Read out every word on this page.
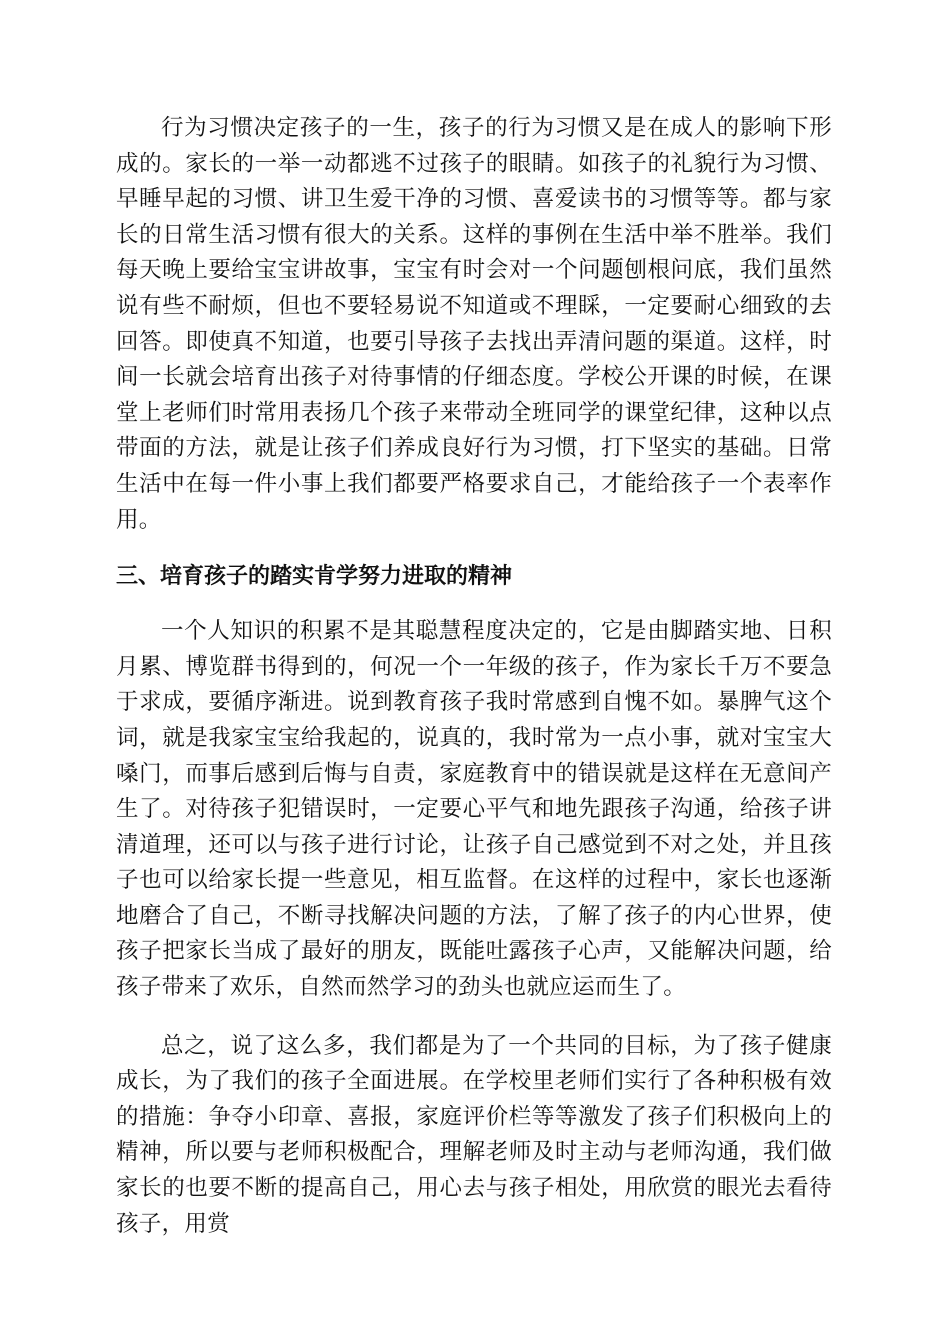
行为习惯决定孩子的一生，孩子的行为习惯又是在成人的影响下形成的。家长的一举一动都逃不过孩子的眼睛。如孩子的礼貌行为习惯、早睡早起的习惯、讲卫生爱干净的习惯、喜爱读书的习惯等等。都与家长的日常生活习惯有很大的关系。这样的事例在生活中举不胜举。我们每天晚上要给宝宝讲故事，宝宝有时会对一个问题刨根问底，我们虽然说有些不耐烦，但也不要轻易说不知道或不理睬，一定要耐心细致的去回答。即使真不知道，也要引导孩子去找出弄清问题的渠道。这样，时间一长就会培育出孩子对待事情的仔细态度。学校公开课的时候，在课堂上老师们时常用表扬几个孩子来带动全班同学的课堂纪律，这种以点带面的方法，就是让孩子们养成良好行为习惯，打下坚实的基础。日常生活中在每一件小事上我们都要严格要求自己，才能给孩子一个表率作用。

三、培育孩子的踏实肯学努力进取的精神

一个人知识的积累不是其聪慧程度决定的，它是由脚踏实地、日积月累、博览群书得到的，何况一个一年级的孩子，作为家长千万不要急于求成，要循序渐进。说到教育孩子我时常感到自愧不如。暴脾气这个词，就是我家宝宝给我起的，说真的，我时常为一点小事，就对宝宝大嗓门，而事后感到后悔与自责，家庭教育中的错误就是这样在无意间产生了。对待孩子犯错误时，一定要心平气和地先跟孩子沟通，给孩子讲清道理，还可以与孩子进行讨论，让孩子自己感觉到不对之处，并且孩子也可以给家长提一些意见，相互监督。在这样的过程中，家长也逐渐地磨合了自己，不断寻找解决问题的方法，了解了孩子的内心世界，使孩子把家长当成了最好的朋友，既能吐露孩子心声，又能解决问题，给孩子带来了欢乐，自然而然学习的劲头也就应运而生了。

总之，说了这么多，我们都是为了一个共同的目标，为了孩子健康成长，为了我们的孩子全面进展。在学校里老师们实行了各种积极有效的措施：争夺小印章、喜报，家庭评价栏等等激发了孩子们积极向上的精神，所以要与老师积极配合，理解老师及时主动与老师沟通，我们做家长的也要不断的提高自己，用心去与孩子相处，用欣赏的眼光去看待孩子，用赏
